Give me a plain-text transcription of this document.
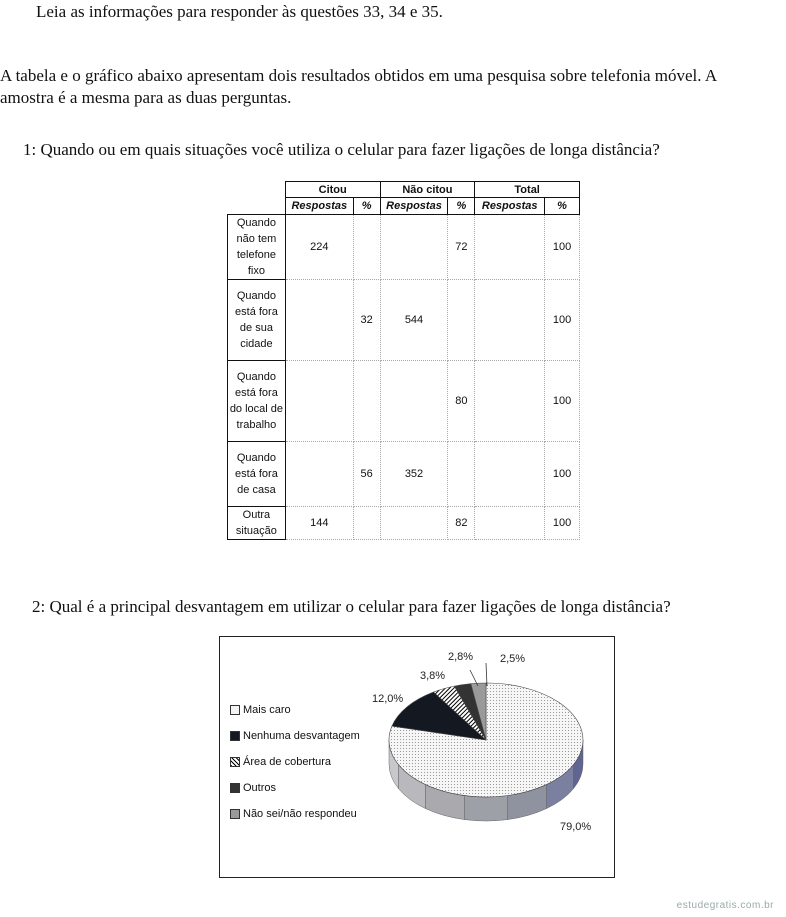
Leia as informações para responder às questões 33, 34 e 35.
A tabela e o gráfico abaixo apresentam dois resultados obtidos em uma pesquisa sobre telefonia móvel. A
amostra é a mesma para as duas perguntas.
1: Quando ou em quais situações você utiliza o celular para fazer ligações de longa distância?
	Citou		Não citou		Total	
	Respostas	%	Respostas	%	Respostas	%
Quando não tem telefone fixo	224			72		100
Quando está fora de sua cidade		32	544			100
Quando está fora do local de trabalho				80		100
Quando está fora de casa		56	352			100
Outra situação	144			82		100
2: Qual é a principal desvantagem em utilizar o celular para fazer ligações de longa distância?
Mais caro
Nenhuma desvantagem
Área de cobertura
Outros
Não sei/não respondeu
79,0%
12,0%
3,8%
2,8% 2,5%
estudegratis.com.br
